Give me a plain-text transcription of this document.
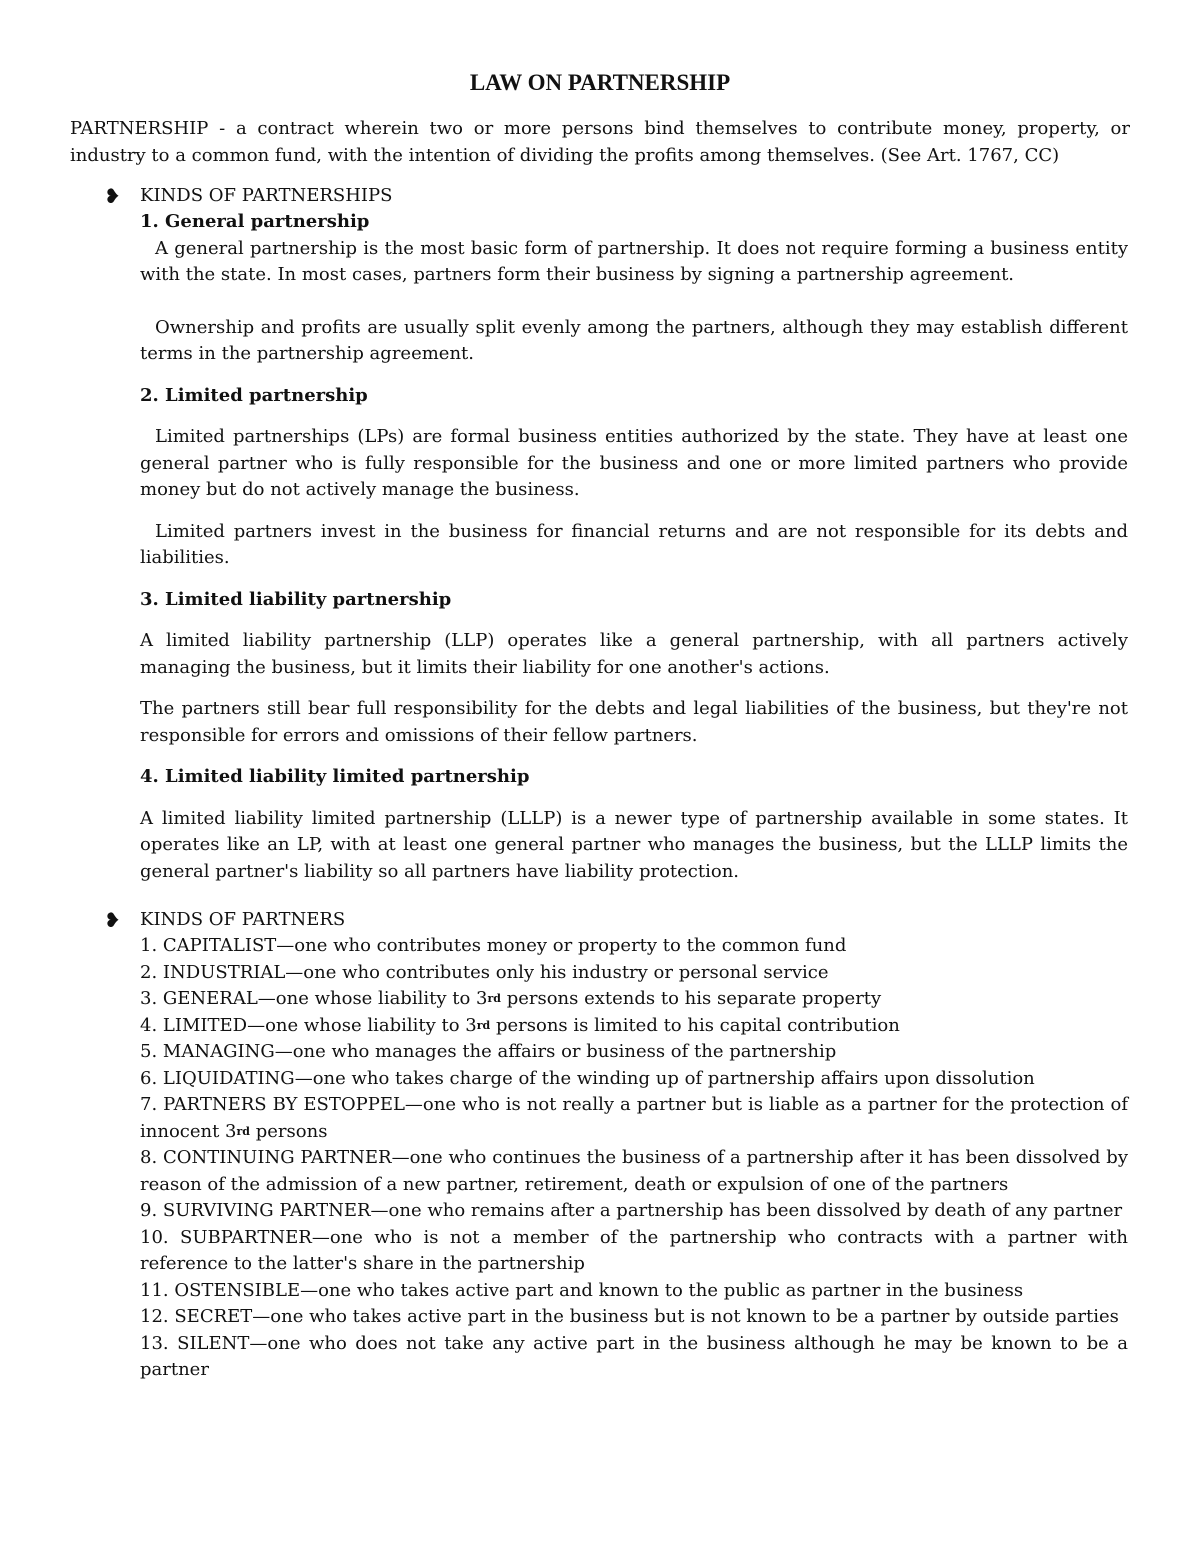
LAW ON PARTNERSHIP

PARTNERSHIP - a contract wherein two or more persons bind themselves to contribute money, property, or industry to a common fund, with the intention of dividing the profits among themselves. (See Art. 1767, CC)

❥ KINDS OF PARTNERSHIPS

1. General partnership

A general partnership is the most basic form of partnership. It does not require forming a business entity with the state. In most cases, partners form their business by signing a partnership agreement.

Ownership and profits are usually split evenly among the partners, although they may establish different terms in the partnership agreement.

2. Limited partnership

Limited partnerships (LPs) are formal business entities authorized by the state. They have at least one general partner who is fully responsible for the business and one or more limited partners who provide money but do not actively manage the business.

Limited partners invest in the business for financial returns and are not responsible for its debts and liabilities.

3. Limited liability partnership

A limited liability partnership (LLP) operates like a general partnership, with all partners actively managing the business, but it limits their liability for one another's actions.

The partners still bear full responsibility for the debts and legal liabilities of the business, but they're not responsible for errors and omissions of their fellow partners.

4. Limited liability limited partnership

A limited liability limited partnership (LLLP) is a newer type of partnership available in some states. It operates like an LP, with at least one general partner who manages the business, but the LLLP limits the general partner's liability so all partners have liability protection.

❥ KINDS OF PARTNERS

1. CAPITALIST—one who contributes money or property to the common fund

2. INDUSTRIAL—one who contributes only his industry or personal service

3. GENERAL—one whose liability to 3rd persons extends to his separate property

4. LIMITED—one whose liability to 3rd persons is limited to his capital contribution

5. MANAGING—one who manages the affairs or business of the partnership

6. LIQUIDATING—one who takes charge of the winding up of partnership affairs upon dissolution

7. PARTNERS BY ESTOPPEL—one who is not really a partner but is liable as a partner for the protection of innocent 3rd persons

8. CONTINUING PARTNER—one who continues the business of a partnership after it has been dissolved by reason of the admission of a new partner, retirement, death or expulsion of one of the partners

9. SURVIVING PARTNER—one who remains after a partnership has been dissolved by death of any partner

10. SUBPARTNER—one who is not a member of the partnership who contracts with a partner with reference to the latter's share in the partnership

11. OSTENSIBLE—one who takes active part and known to the public as partner in the business

12. SECRET—one who takes active part in the business but is not known to be a partner by outside parties

13. SILENT—one who does not take any active part in the business although he may be known to be a partner
